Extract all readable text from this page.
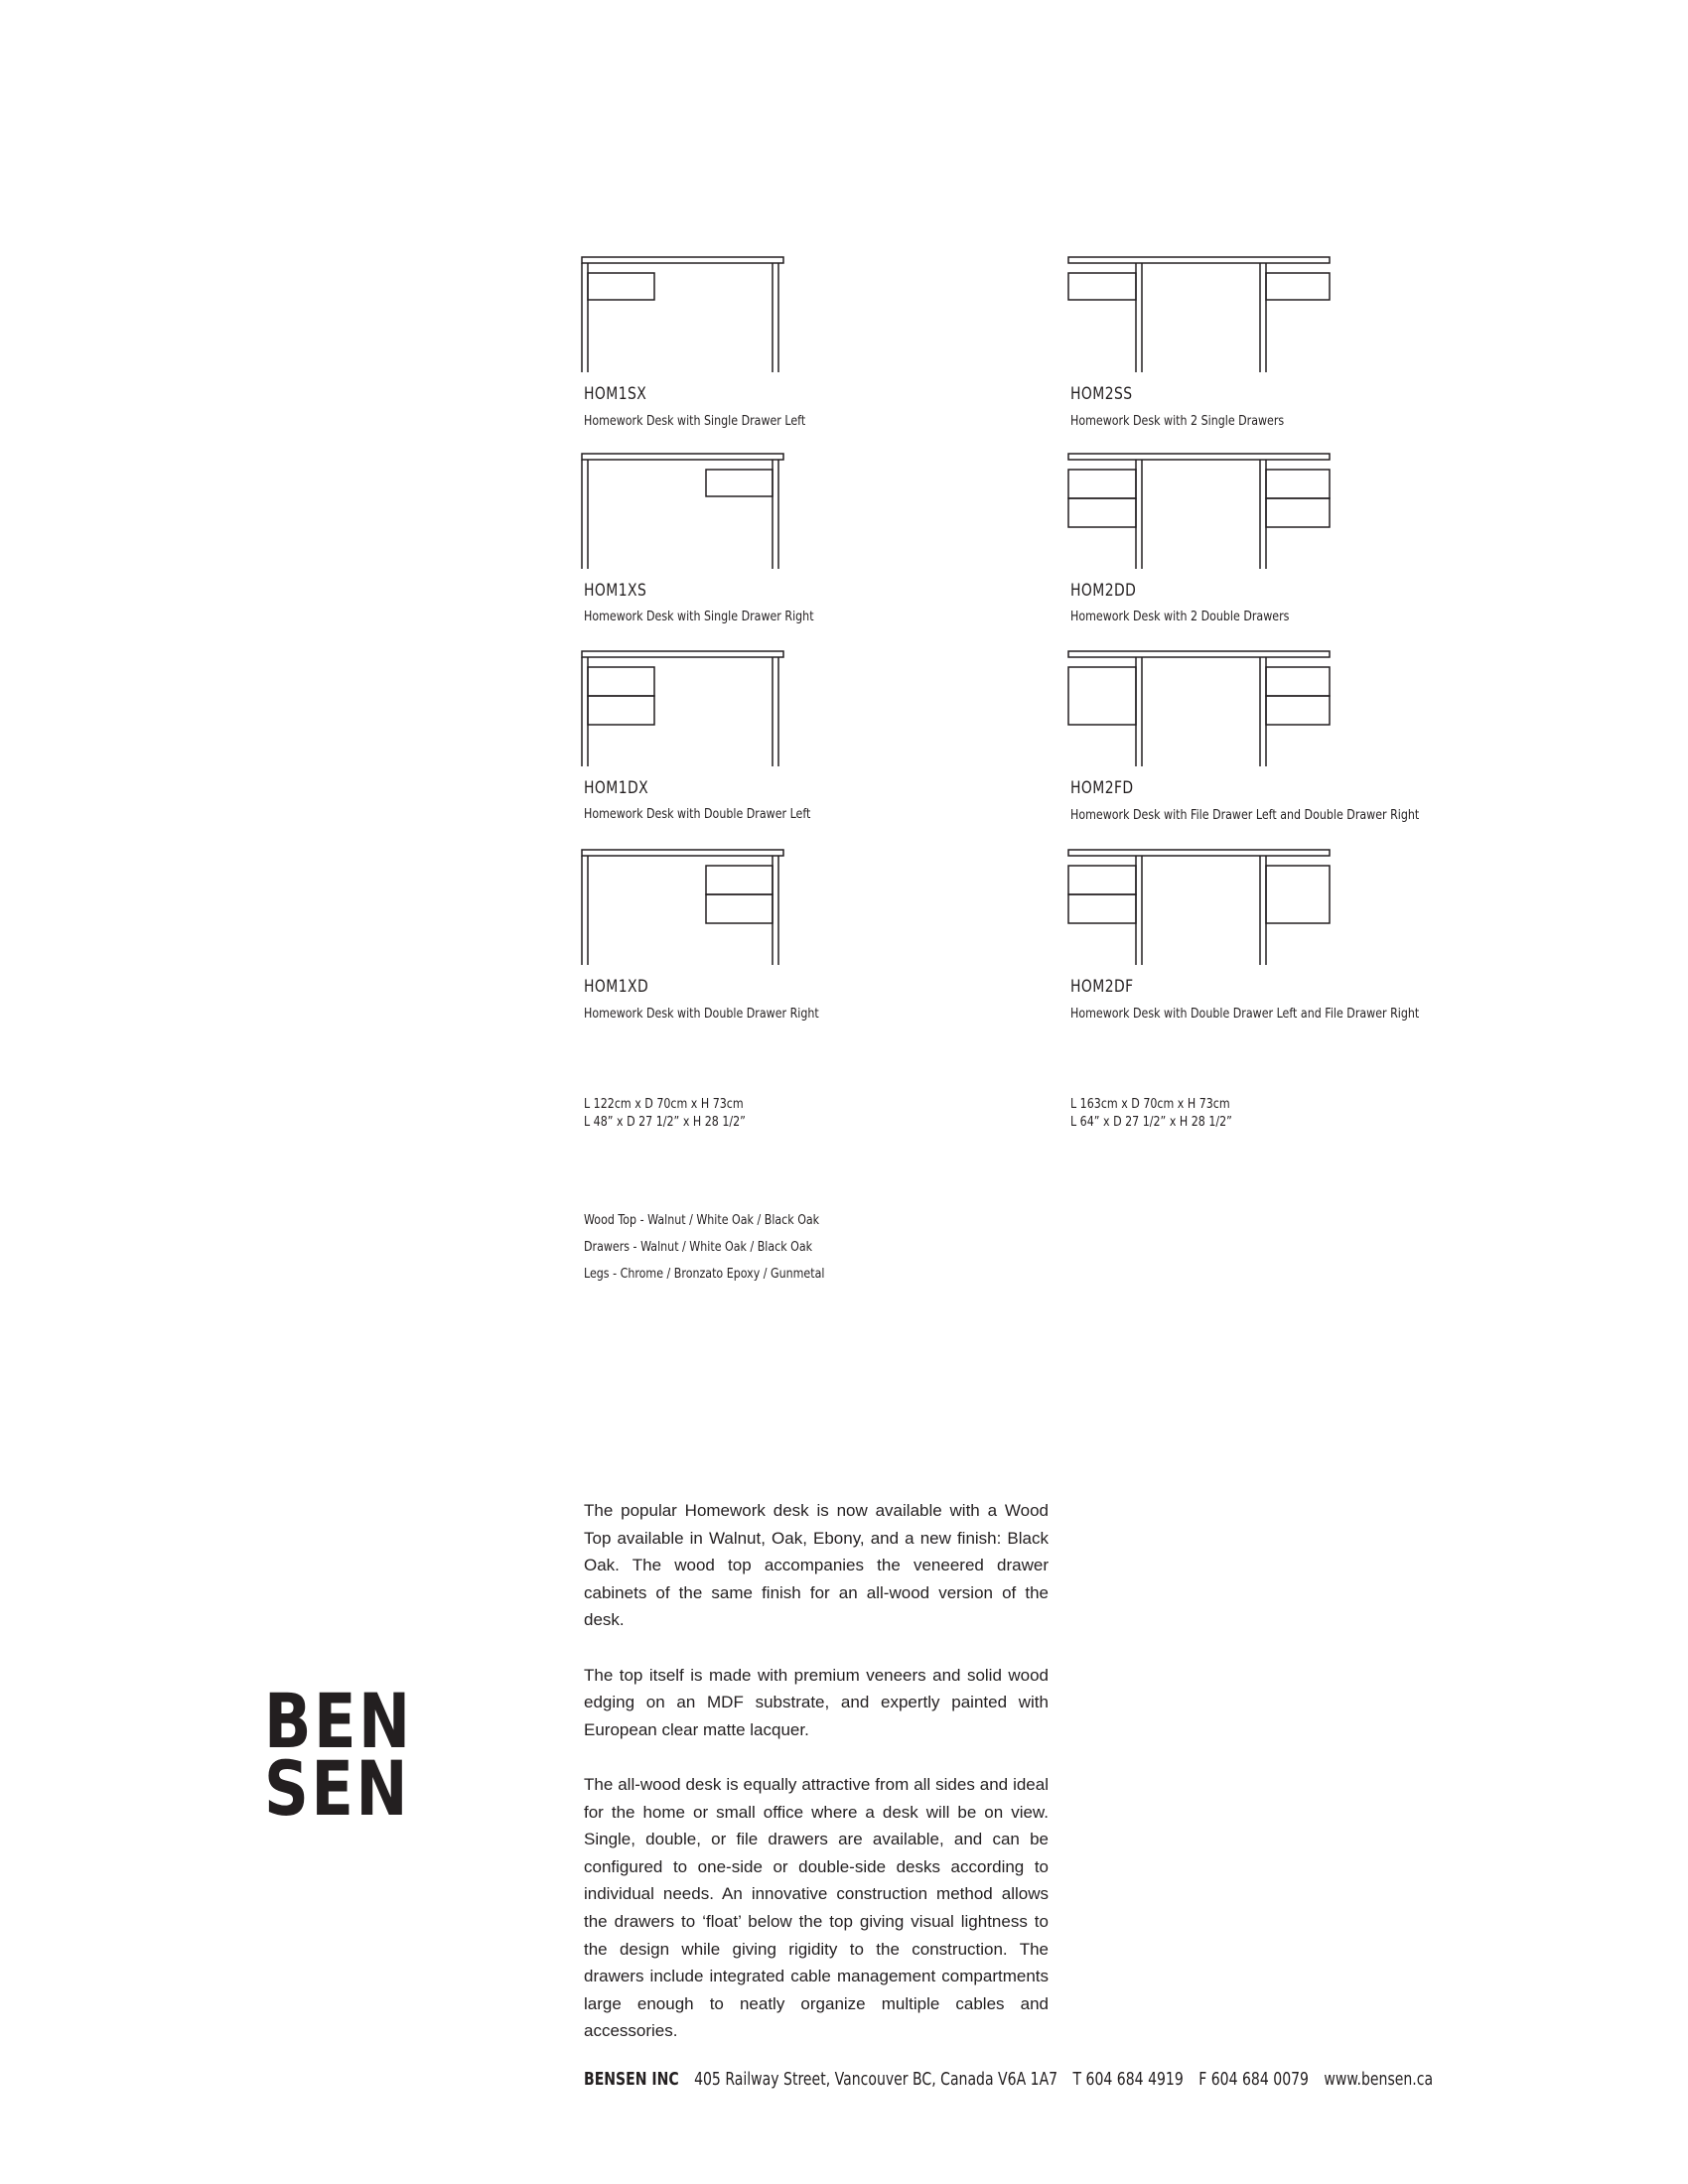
HOM1SX
Homework Desk with Single Drawer Left
HOM1XS
Homework Desk with Single Drawer Right
HOM1DX
Homework Desk with Double Drawer Left
HOM1XD
Homework Desk with Double Drawer Right
HOM2SS
Homework Desk with 2 Single Drawers
HOM2DD
Homework Desk with 2 Double Drawers
HOM2FD
Homework Desk with File Drawer Left and Double Drawer Right
HOM2DF
Homework Desk with Double Drawer Left and File Drawer Right
L 122cm x D 70cm x H 73cm
L 48” x D 27 1/2” x H 28 1/2”
L 163cm x D 70cm x H 73cm
L 64” x D 27 1/2” x H 28 1/2”
Wood Top - Walnut / White Oak / Black Oak
Drawers - Walnut / White Oak / Black Oak
Legs - Chrome / Bronzato Epoxy / Gunmetal

The popular Homework desk is now available with a Wood Top available in Walnut, Oak, Ebony, and a new finish: Black Oak. The wood top accompanies the veneered drawer cabinets of the same finish for an all-wood version of the desk.

The top itself is made with premium veneers and solid wood edging on an MDF substrate, and expertly painted with European clear matte lacquer.

The all-wood desk is equally attractive from all sides and ideal for the home or small office where a desk will be on view. Single, double, or file drawers are available, and can be configured to one-side or double-side desks according to individual needs. An innovative construction method allows the drawers to ‘float’ below the top giving visual lightness to the design while giving rigidity to the construction. The drawers include integrated cable management compartments large enough to neatly organize multiple cables and accessories.

BEN
SEN
BENSEN INC 405 Railway Street, Vancouver BC, Canada V6A 1A7 T 604 684 4919 F 604 684 0079 www.bensen.ca
